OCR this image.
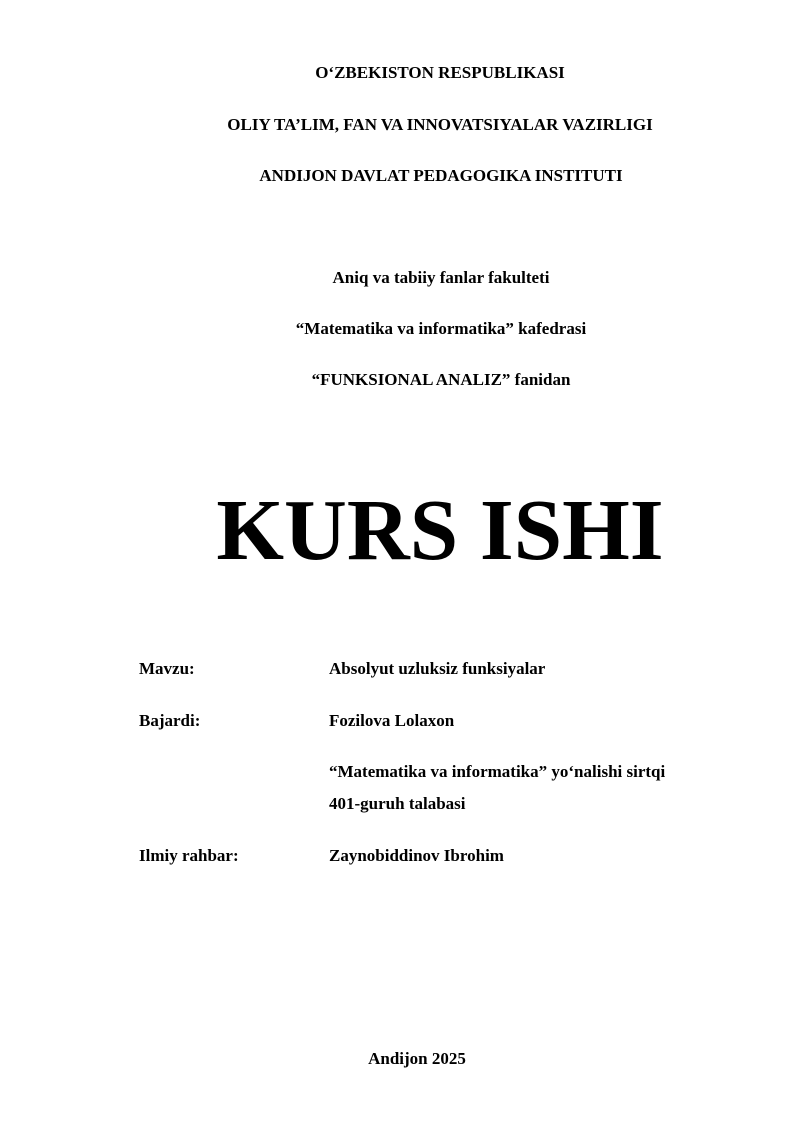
O‘ZBEKISTON RESPUBLIKASI
OLIY TA’LIM, FAN VA INNOVATSIYALAR VAZIRLIGI
ANDIJON DAVLAT PEDAGOGIKA INSTITUTI
Aniq va tabiiy fanlar fakulteti
“Matematika va informatika” kafedrasi
“FUNKSIONAL ANALIZ” fanidan
KURS ISHI
Mavzu:	Absolyut uzluksiz funksiyalar
Bajardi:	Fozilova Lolaxon
“Matematika va informatika” yo‘nalishi sirtqi
401-guruh talabasi
Ilmiy rahbar:	Zaynobiddinov Ibrohim
Andijon 2025
